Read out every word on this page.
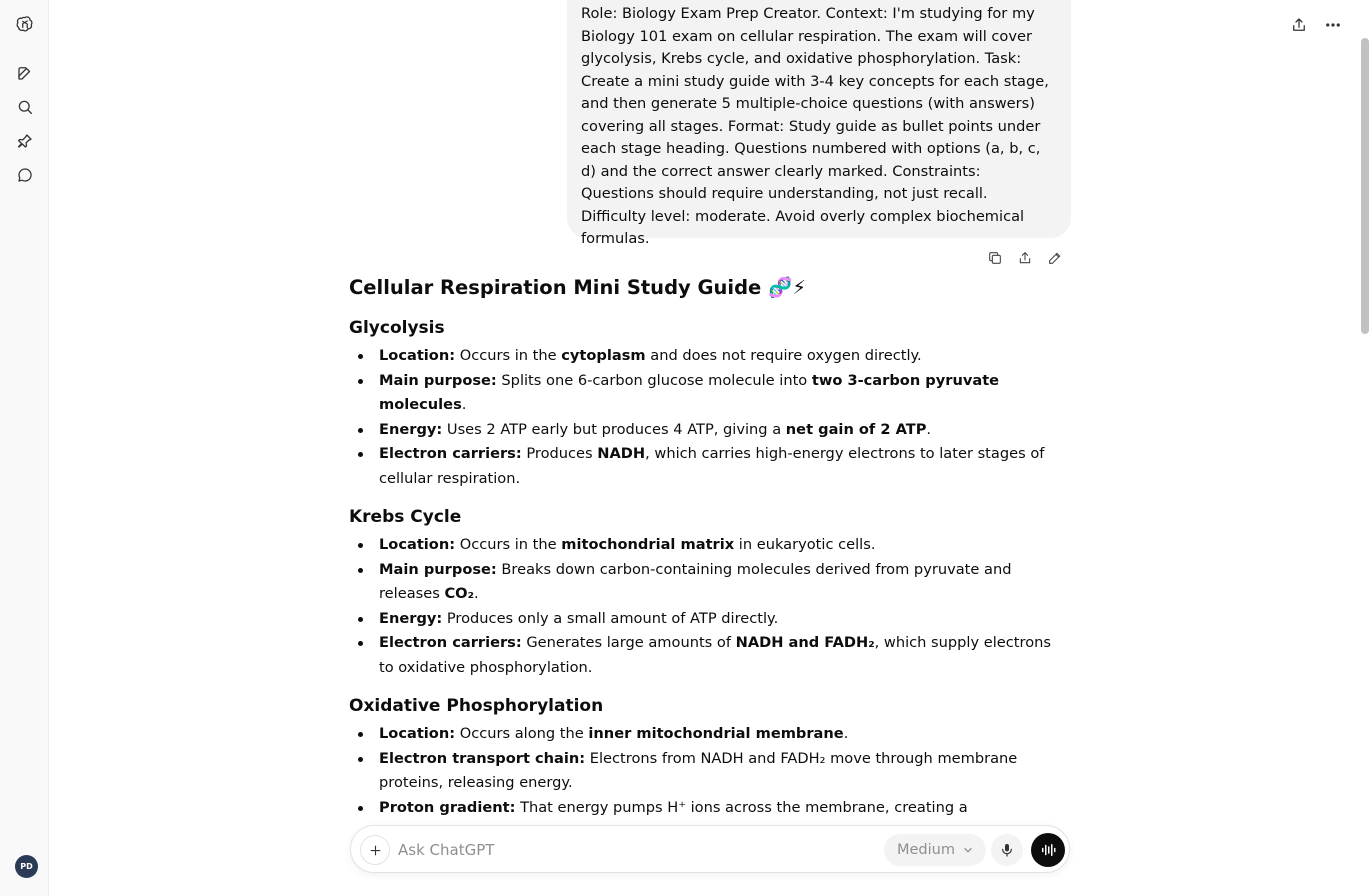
PD
Role: Biology Exam Prep Creator. Context: I'm studying for my Biology 101 exam on cellular respiration. The exam will cover glycolysis, Krebs cycle, and oxidative phosphorylation. Task: Create a mini study guide with 3-4 key concepts for each stage, and then generate 5 multiple-choice questions (with answers) covering all stages. Format: Study guide as bullet points under each stage heading. Questions numbered with options (a, b, c, d) and the correct answer clearly marked. Constraints: Questions should require understanding, not just recall. Difficulty level: moderate. Avoid overly complex biochemical formulas.
Cellular Respiration Mini Study Guide 🧬⚡
Glycolysis
Location: Occurs in the cytoplasm and does not require oxygen directly.
Main purpose: Splits one 6-carbon glucose molecule into two 3-carbon pyruvate molecules.
Energy: Uses 2 ATP early but produces 4 ATP, giving a net gain of 2 ATP.
Electron carriers: Produces NADH, which carries high-energy electrons to later stages of cellular respiration.
Krebs Cycle
Location: Occurs in the mitochondrial matrix in eukaryotic cells.
Main purpose: Breaks down carbon-containing molecules derived from pyruvate and releases CO₂.
Energy: Produces only a small amount of ATP directly.
Electron carriers: Generates large amounts of NADH and FADH₂, which supply electrons to oxidative phosphorylation.
Oxidative Phosphorylation
Location: Occurs along the inner mitochondrial membrane.
Electron transport chain: Electrons from NADH and FADH₂ move through membrane proteins, releasing energy.
Proton gradient: That energy pumps H⁺ ions across the membrane, creating a
Ask ChatGPT
Medium
